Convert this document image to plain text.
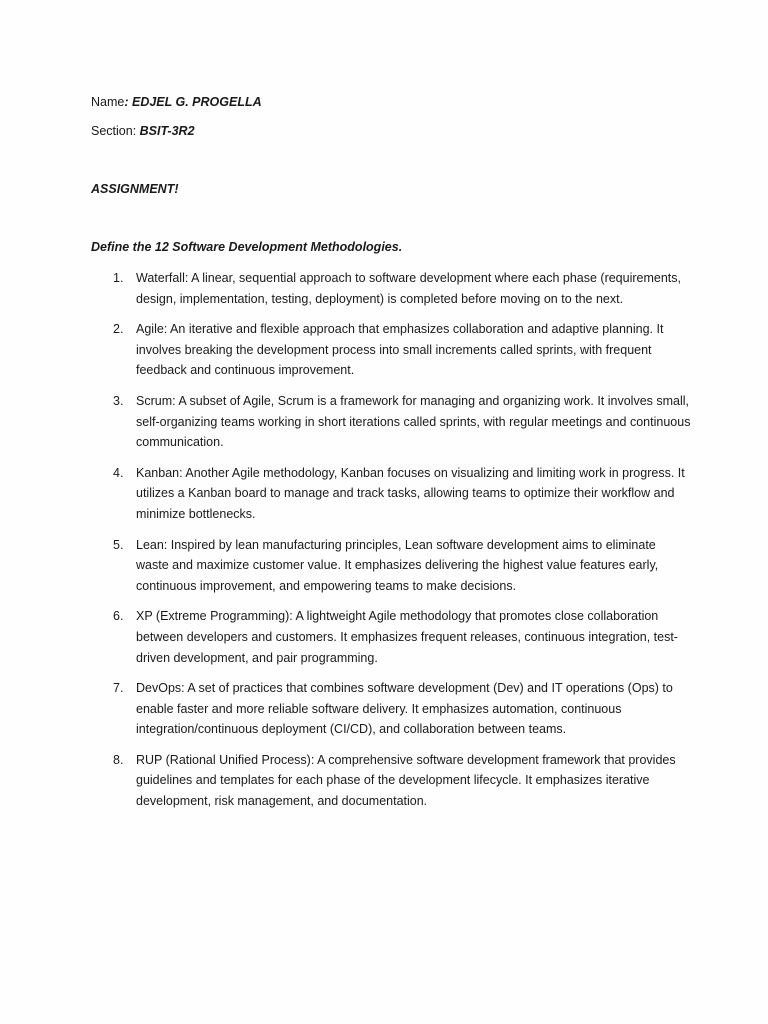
Name: EDJEL G. PROGELLA
Section: BSIT-3R2
ASSIGNMENT!
Define the 12 Software Development Methodologies.
1. Waterfall: A linear, sequential approach to software development where each phase (requirements, design, implementation, testing, deployment) is completed before moving on to the next.
2. Agile: An iterative and flexible approach that emphasizes collaboration and adaptive planning. It involves breaking the development process into small increments called sprints, with frequent feedback and continuous improvement.
3. Scrum: A subset of Agile, Scrum is a framework for managing and organizing work. It involves small, self-organizing teams working in short iterations called sprints, with regular meetings and continuous communication.
4. Kanban: Another Agile methodology, Kanban focuses on visualizing and limiting work in progress. It utilizes a Kanban board to manage and track tasks, allowing teams to optimize their workflow and minimize bottlenecks.
5. Lean: Inspired by lean manufacturing principles, Lean software development aims to eliminate waste and maximize customer value. It emphasizes delivering the highest value features early, continuous improvement, and empowering teams to make decisions.
6. XP (Extreme Programming): A lightweight Agile methodology that promotes close collaboration between developers and customers. It emphasizes frequent releases, continuous integration, test-driven development, and pair programming.
7. DevOps: A set of practices that combines software development (Dev) and IT operations (Ops) to enable faster and more reliable software delivery. It emphasizes automation, continuous integration/continuous deployment (CI/CD), and collaboration between teams.
8. RUP (Rational Unified Process): A comprehensive software development framework that provides guidelines and templates for each phase of the development lifecycle. It emphasizes iterative development, risk management, and documentation.
